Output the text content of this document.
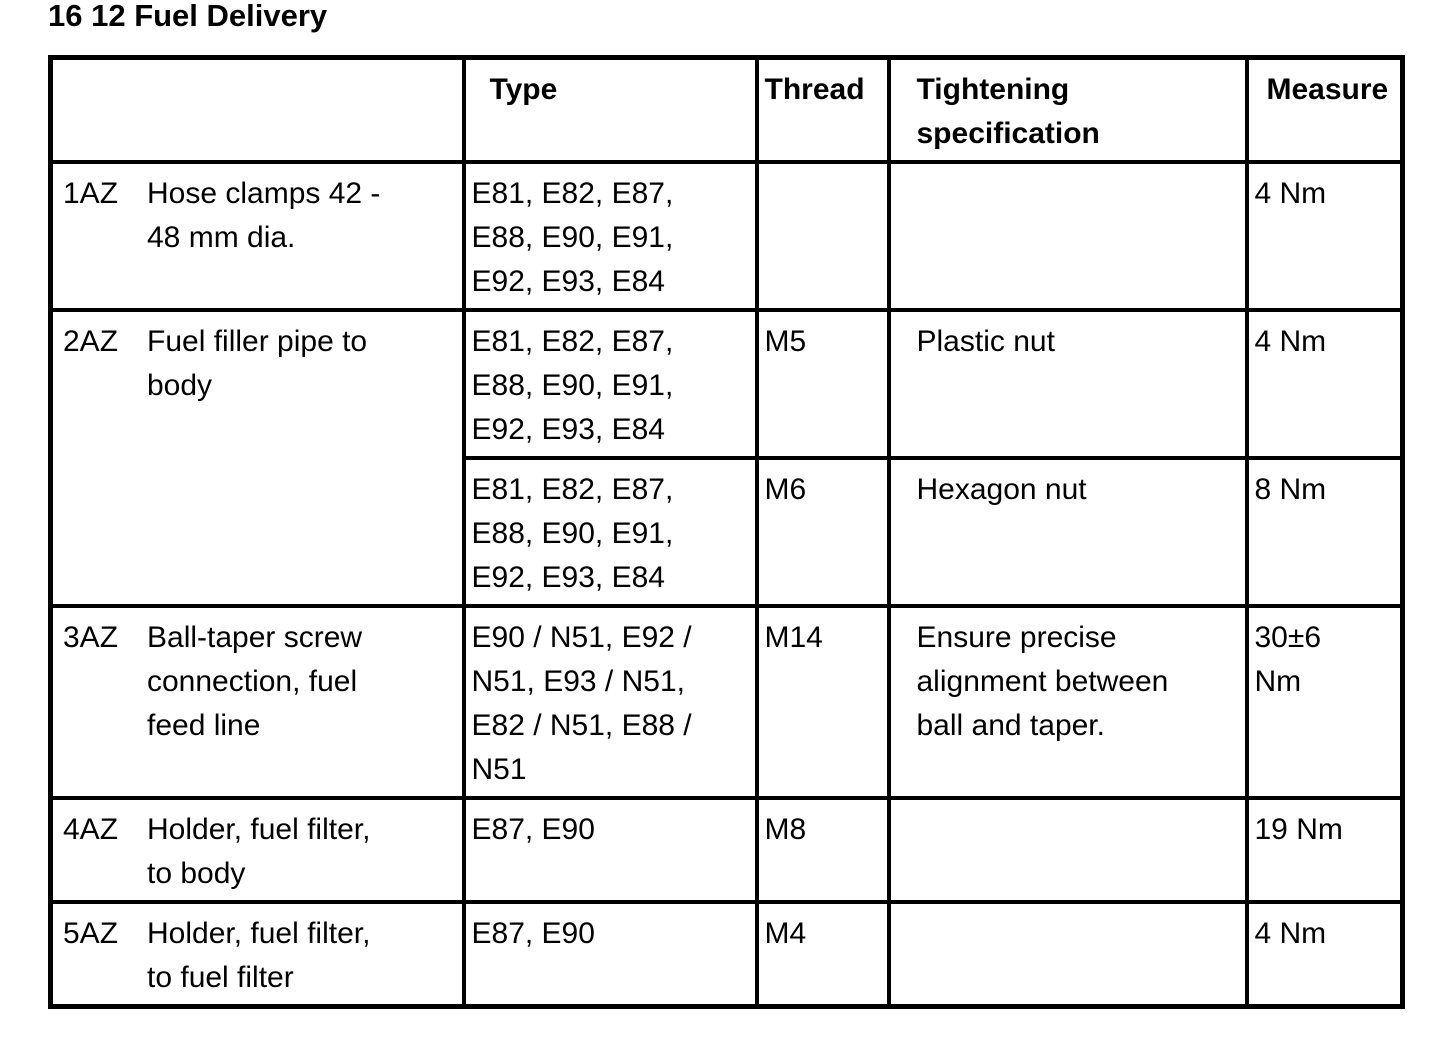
16 12 Fuel Delivery
	Type	Thread	Tightening specification	Measure

1AZ Hose clamps 42 - 48 mm dia.	E81, E82, E87, E88, E90, E91, E92, E93, E84			4 Nm

2AZ Fuel filler pipe to body	E81, E82, E87, E88, E90, E91, E92, E93, E84	M5	Plastic nut	4 Nm
	E81, E82, E87, E88, E90, E91, E92, E93, E84	M6	Hexagon nut	8 Nm

3AZ Ball-taper screw connection, fuel feed line	E90 / N51, E92 / N51, E93 / N51, E82 / N51, E88 / N51	M14	Ensure precise alignment between ball and taper.	30±6 Nm

4AZ Holder, fuel filter, to body	E87, E90	M8		19 Nm

5AZ Holder, fuel filter, to fuel filter	E87, E90	M4		4 Nm
